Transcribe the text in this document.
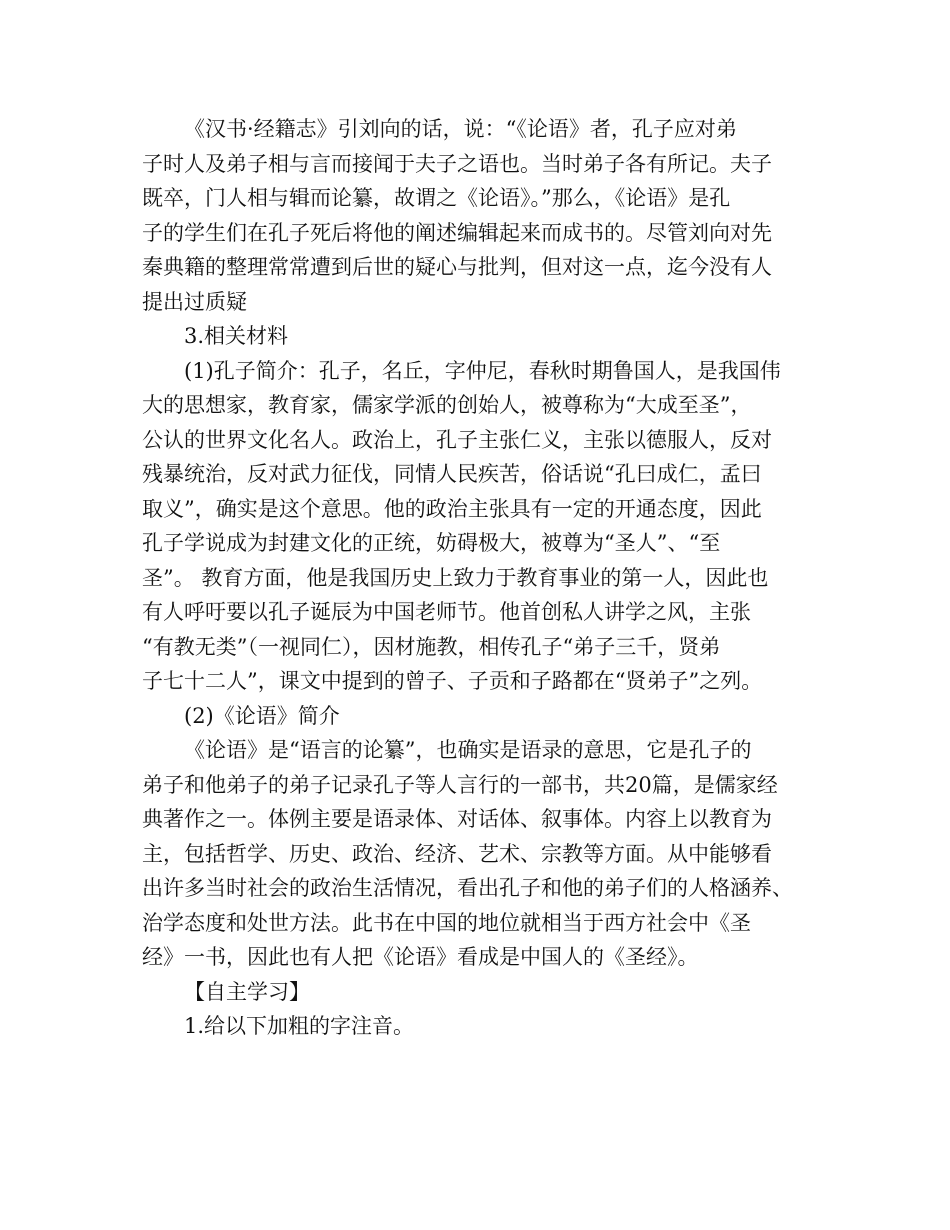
《汉书·经籍志》引刘向的话，说：“《论语》者，孔子应对弟
子时人及弟子相与言而接闻于夫子之语也。当时弟子各有所记。夫子
既卒，门人相与辑而论纂，故谓之《论语》。”那么，《论语》是孔
子的学生们在孔子死后将他的阐述编辑起来而成书的。尽管刘向对先
秦典籍的整理常常遭到后世的疑心与批判，但对这一点，迄今没有人
提出过质疑

3.相关材料

(1)孔子简介：孔子，名丘，字仲尼，春秋时期鲁国人，是我国伟
大的思想家，教育家，儒家学派的创始人，被尊称为“大成至圣”，
公认的世界文化名人。政治上，孔子主张仁义，主张以德服人，反对
残暴统治，反对武力征伐，同情人民疾苦，俗话说“孔曰成仁，孟曰
取义”，确实是这个意思。他的政治主张具有一定的开通态度，因此
孔子学说成为封建文化的正统，妨碍极大，被尊为“圣人”、“至
圣”。 教育方面，他是我国历史上致力于教育事业的第一人，因此也
有人呼吁要以孔子诞辰为中国老师节。他首创私人讲学之风，主张
“有教无类”（一视同仁），因材施教，相传孔子“弟子三千，贤弟
子七十二人”，课文中提到的曾子、子贡和子路都在“贤弟子”之列。

(2)《论语》简介

《论语》是“语言的论纂”，也确实是语录的意思，它是孔子的
弟子和他弟子的弟子记录孔子等人言行的一部书，共20篇，是儒家经
典著作之一。体例主要是语录体、对话体、叙事体。内容上以教育为
主，包括哲学、历史、政治、经济、艺术、宗教等方面。从中能够看
出许多当时社会的政治生活情况，看出孔子和他的弟子们的人格涵养、
治学态度和处世方法。此书在中国的地位就相当于西方社会中《圣
经》一书，因此也有人把《论语》看成是中国人的《圣经》。

【自主学习】

1.给以下加粗的字注音。
